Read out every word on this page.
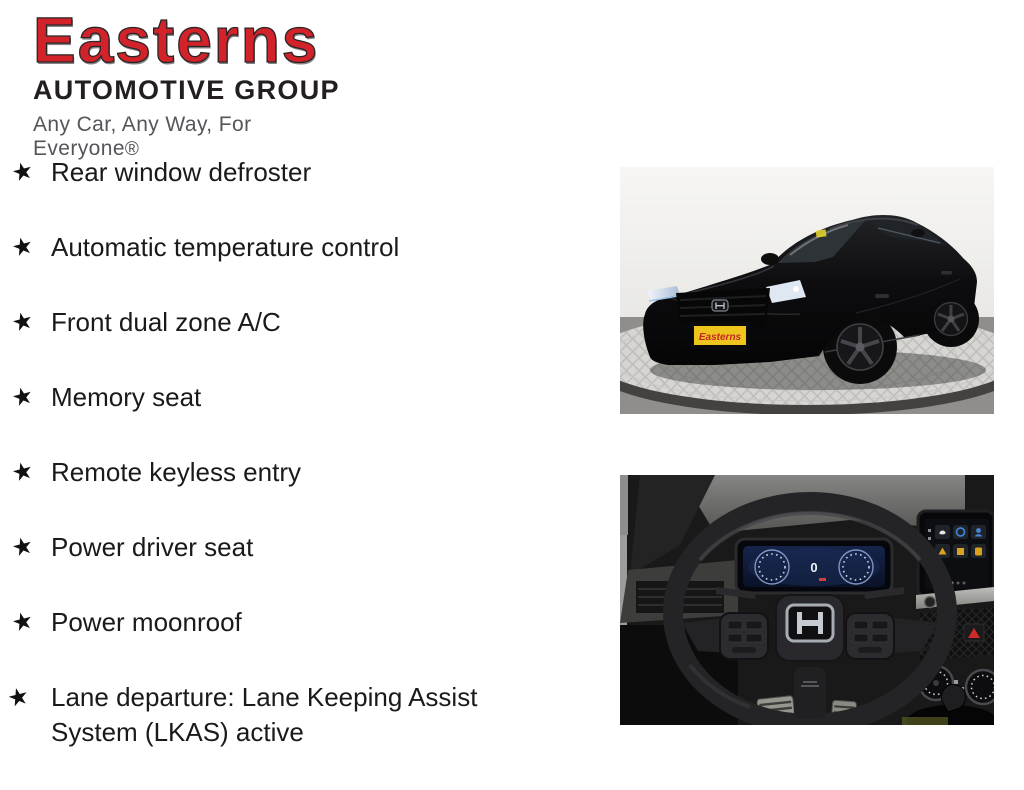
Easterns
AUTOMOTIVE GROUP
Any Car, Any Way, For Everyone®
★ Rear window defroster
★ Automatic temperature control
★ Front dual zone A/C
★ Memory seat
★ Remote keyless entry
★ Power driver seat
★ Power moonroof
★ Lane departure: Lane Keeping Assist System (LKAS) active
Easterns
0
